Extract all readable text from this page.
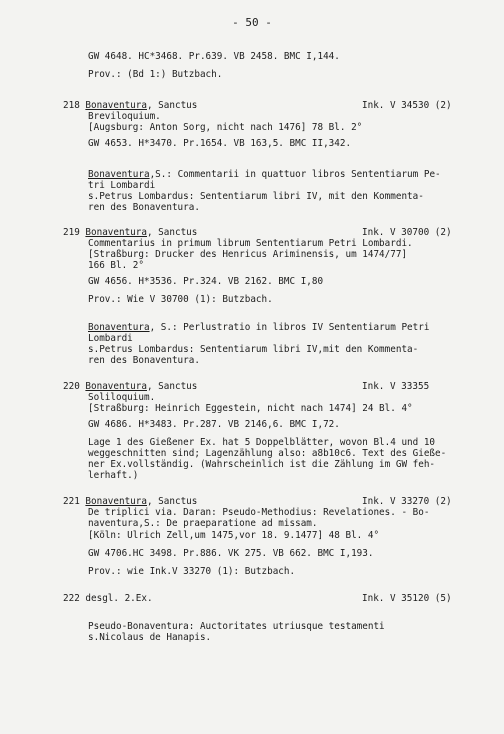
- 50 -
GW 4648. HC*3468. Pr.639. VB 2458. BMC I,144.
Prov.: (Bd 1:) Butzbach.
218 Bonaventura, Sanctus	Ink. V 34530 (2)
Breviloquium.
[Augsburg: Anton Sorg, nicht nach 1476] 78 Bl. 2°
GW 4653. H*3470. Pr.1654. VB 163,5. BMC II,342.
Bonaventura,S.: Commentarii in quattuor libros Sententiarum Pe-
tri Lombardi
s.Petrus Lombardus: Sententiarum libri IV, mit den Kommenta-
ren des Bonaventura.
219 Bonaventura, Sanctus	Ink. V 30700 (2)
Commentarius in primum librum Sententiarum Petri Lombardi.
[Straßburg: Drucker des Henricus Ariminensis, um 1474/77]
166 Bl. 2°
GW 4656. H*3536. Pr.324. VB 2162. BMC I,80
Prov.: Wie V 30700 (1): Butzbach.
Bonaventura, S.: Perlustratio in libros IV Sententiarum Petri
Lombardi
s.Petrus Lombardus: Sententiarum libri IV,mit den Kommenta-
ren des Bonaventura.
220 Bonaventura, Sanctus	Ink. V 33355
Soliloquium.
[Straßburg: Heinrich Eggestein, nicht nach 1474] 24 Bl. 4°
GW 4686. H*3483. Pr.287. VB 2146,6. BMC I,72.
Lage 1 des Gießener Ex. hat 5 Doppelblätter, wovon Bl.4 und 10
weggeschnitten sind; Lagenzählung also: a8b10c6. Text des Gieße-
ner Ex.vollständig. (Wahrscheinlich ist die Zählung im GW feh-
lerhaft.)
221 Bonaventura, Sanctus	Ink. V 33270 (2)
De triplici via. Daran: Pseudo-Methodius: Revelationes. - Bo-
naventura,S.: De praeparatione ad missam.
[Köln: Ulrich Zell,um 1475,vor 18. 9.1477] 48 Bl. 4°
GW 4706.HC 3498. Pr.886. VK 275. VB 662. BMC I,193.
Prov.: wie Ink.V 33270 (1): Butzbach.
222 desgl. 2.Ex.	Ink. V 35120 (5)
Pseudo-Bonaventura: Auctoritates utriusque testamenti
s.Nicolaus de Hanapis.
